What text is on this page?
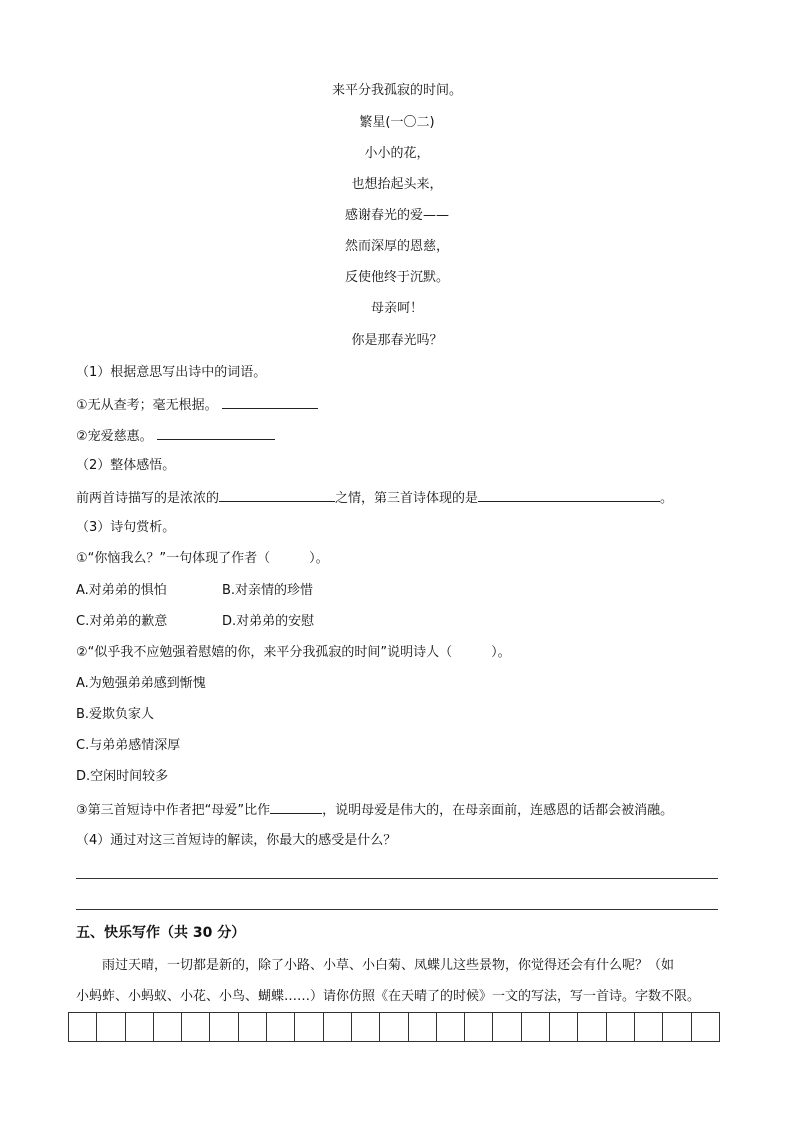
来平分我孤寂的时间。
繁星(一〇二)
小小的花，
也想抬起头来，
感谢春光的爱——
然而深厚的恩慈，
反使他终于沉默。
母亲呵！
你是那春光吗？
（1）根据意思写出诗中的词语。
①无从查考；毫无根据。
②宠爱慈惠。
（2）整体感悟。
前两首诗描写的是浓浓的	之情，第三首诗体现的是	。
（3）诗句赏析。
①“你恼我么？”一句体现了作者（　　　）。
A.对弟弟的惧怕	B.对亲情的珍惜
C.对弟弟的歉意	D.对弟弟的安慰
②“似乎我不应勉强着慰嬉的你，来平分我孤寂的时间”说明诗人（　　　）。
A.为勉强弟弟感到惭愧
B.爱欺负家人
C.与弟弟感情深厚
D.空闲时间较多
③第三首短诗中作者把“母爱”比作	，说明母爱是伟大的，在母亲面前，连感恩的话都会被消融。
（4）通过对这三首短诗的解读，你最大的感受是什么？
五、快乐写作（共 30 分）
雨过天晴，一切都是新的，除了小路、小草、小白菊、凤蝶儿这些景物，你觉得还会有什么呢？（如
小蚂蚱、小蚂蚁、小花、小鸟、蝴蝶……）请你仿照《在天晴了的时候》一文的写法，写一首诗。字数不限。
